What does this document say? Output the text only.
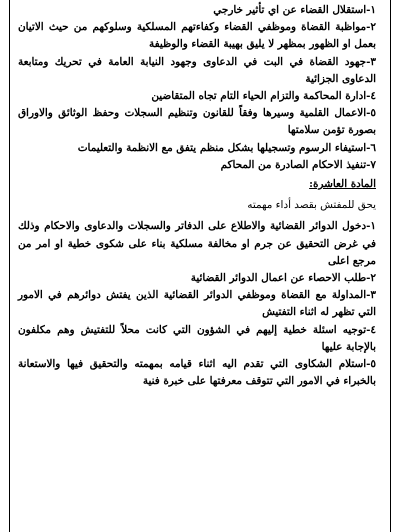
١-استقلال القضاء عن اي تأثير خارجي

٢-مواظبة القضاة وموظفي القضاء وكفاءتهم المسلكية وسلوكهم من حيث الاتيان بعمل او الظهور بمظهر لا يليق بهيبة القضاء والوظيفة

٣-جهود القضاة في البت في الدعاوى وجهود النيابة العامة في تحريك ومتابعة الدعاوى الجزائية

٤-ادارة المحاكمة والتزام الحياء التام تجاه المتقاضين

٥-الاعمال القلمية وسيرها وفقاً للقانون وتنظيم السجلات وحفظ الوثائق والاوراق بصورة تؤمن سلامتها

٦-استيفاء الرسوم وتسجيلها بشكل منظم يتفق مع الانظمة والتعليمات

٧-تنفيذ الاحكام الصادرة من المحاكم

المادة العاشرة:

يحق للمفتش بقصد أداء مهمته

١-دخول الدوائر القضائية والاطلاع على الدفاتر والسجلات والدعاوى والاحكام وذلك في غرض التحقيق عن جرم او مخالفة مسلكية بناء على شكوى خطية او امر من مرجع اعلى

٢-طلب الاحصاء عن اعمال الدوائر القضائية

٣-المداولة مع القضاة وموظفي الدوائر القضائية الذين يفتش دوائرهم في الامور التي تظهر له اثناء التفتيش

٤-توجيه اسئلة خطية إليهم في الشؤون التي كانت محلاً للتفتيش وهم مكلفون بالإجابة عليها

٥-استلام الشكاوى التي تقدم اليه اثناء قيامه بمهمته والتحقيق فيها والاستعانة بالخبراء في الامور التي تتوقف معرفتها على خبرة فنية
